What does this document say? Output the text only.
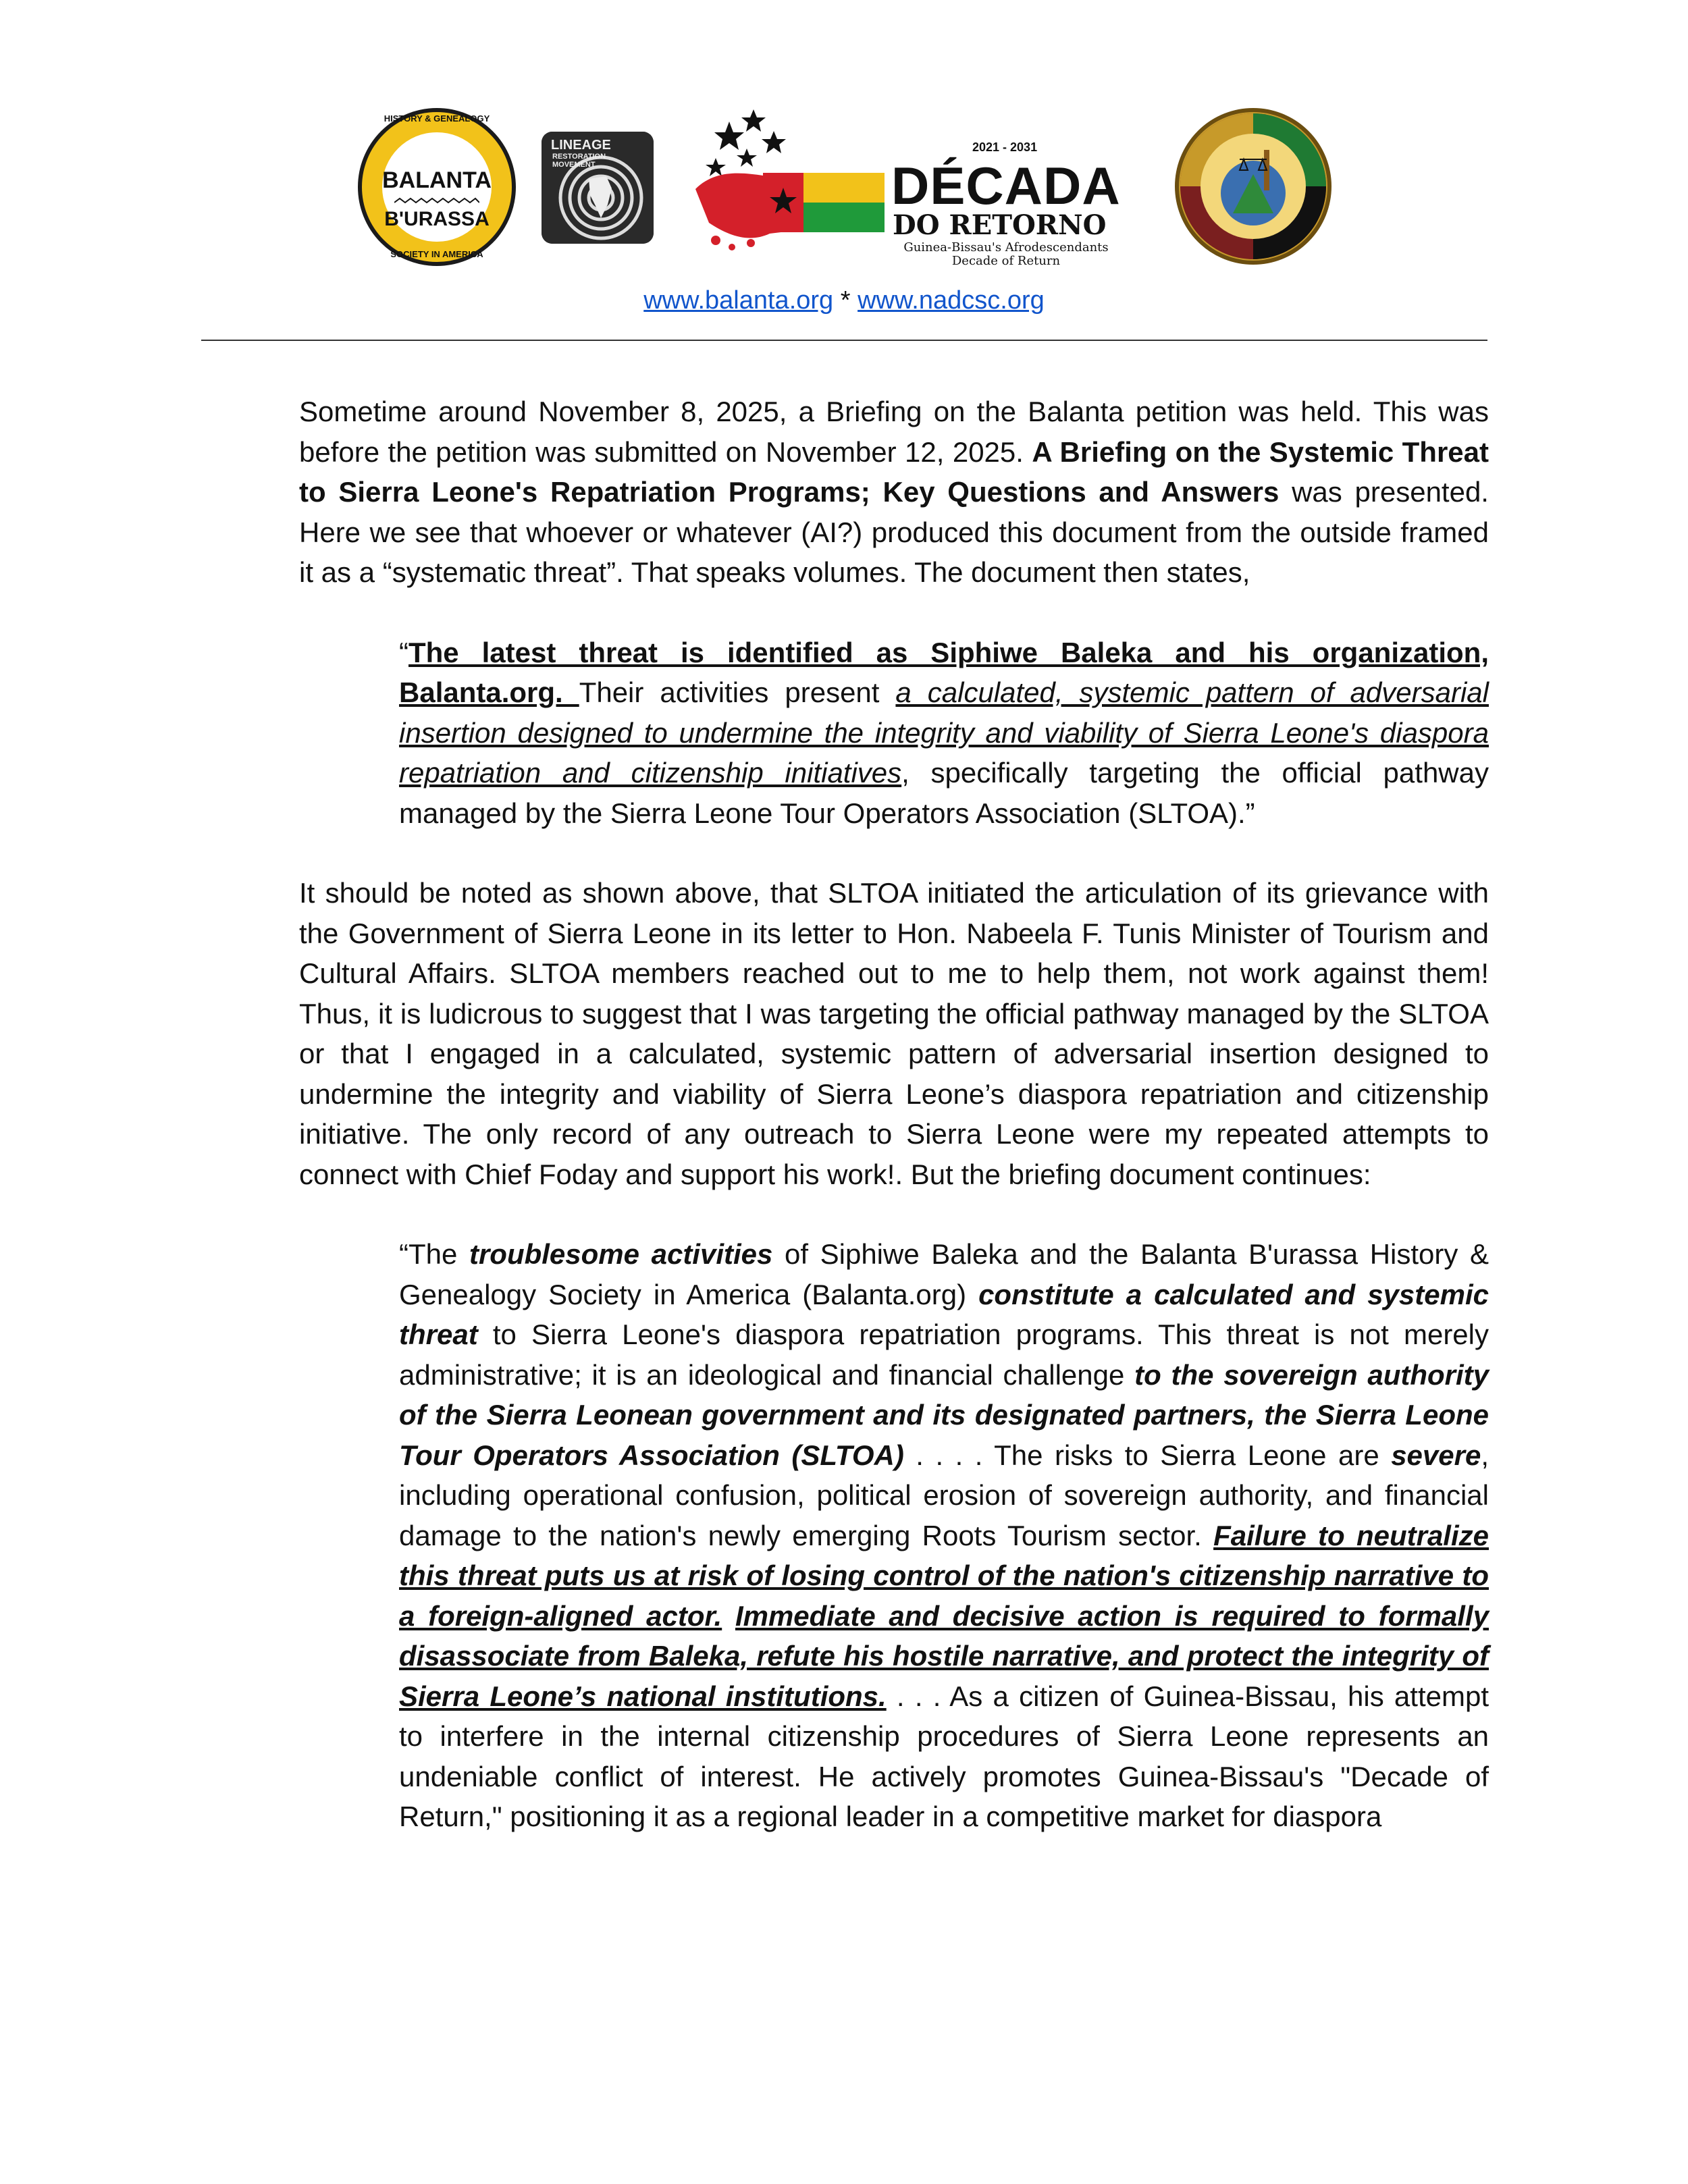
HISTORY & GENEALOGY
BALANTA
B'URASSA
SOCIETY IN AMERICA
LINEAGE
RESTORATION
MOVEMENT
2021 - 2031
DÉCADA
DO RETORNO
Guinea-Bissau's Afrodescendants
Decade of Return
www.balanta.org * www.nadcsc.org

Sometime around November 8, 2025, a Briefing on the Balanta petition was held. This was before the petition was submitted on November 12, 2025. A Briefing on the Systemic Threat to Sierra Leone's Repatriation Programs; Key Questions and Answers was presented. Here we see that whoever or whatever (AI?) produced this document from the outside framed it as a “systematic threat”. That speaks volumes. The document then states,

“The latest threat is identified as Siphiwe Baleka and his organization, Balanta.org. Their activities present a calculated, systemic pattern of adversarial insertion designed to undermine the integrity and viability of Sierra Leone's diaspora repatriation and citizenship initiatives, specifically targeting the official pathway managed by the Sierra Leone Tour Operators Association (SLTOA).”

It should be noted as shown above, that SLTOA initiated the articulation of its grievance with the Government of Sierra Leone in its letter to Hon. Nabeela F. Tunis Minister of Tourism and Cultural Affairs. SLTOA members reached out to me to help them, not work against them! Thus, it is ludicrous to suggest that I was targeting the official pathway managed by the SLTOA or that I engaged in a calculated, systemic pattern of adversarial insertion designed to undermine the integrity and viability of Sierra Leone’s diaspora repatriation and citizenship initiative. The only record of any outreach to Sierra Leone were my repeated attempts to connect with Chief Foday and support his work!. But the briefing document continues:

“The troublesome activities of Siphiwe Baleka and the Balanta B'urassa History & Genealogy Society in America (Balanta.org) constitute a calculated and systemic threat to Sierra Leone's diaspora repatriation programs. This threat is not merely administrative; it is an ideological and financial challenge to the sovereign authority of the Sierra Leonean government and its designated partners, the Sierra Leone Tour Operators Association (SLTOA) . . . . The risks to Sierra Leone are severe, including operational confusion, political erosion of sovereign authority, and financial damage to the nation's newly emerging Roots Tourism sector. Failure to neutralize this threat puts us at risk of losing control of the nation's citizenship narrative to a foreign-aligned actor. Immediate and decisive action is required to formally disassociate from Baleka, refute his hostile narrative, and protect the integrity of Sierra Leone’s national institutions. . . . As a citizen of Guinea-Bissau, his attempt to interfere in the internal citizenship procedures of Sierra Leone represents an undeniable conflict of interest. He actively promotes Guinea-Bissau's "Decade of Return," positioning it as a regional leader in a competitive market for diaspora
